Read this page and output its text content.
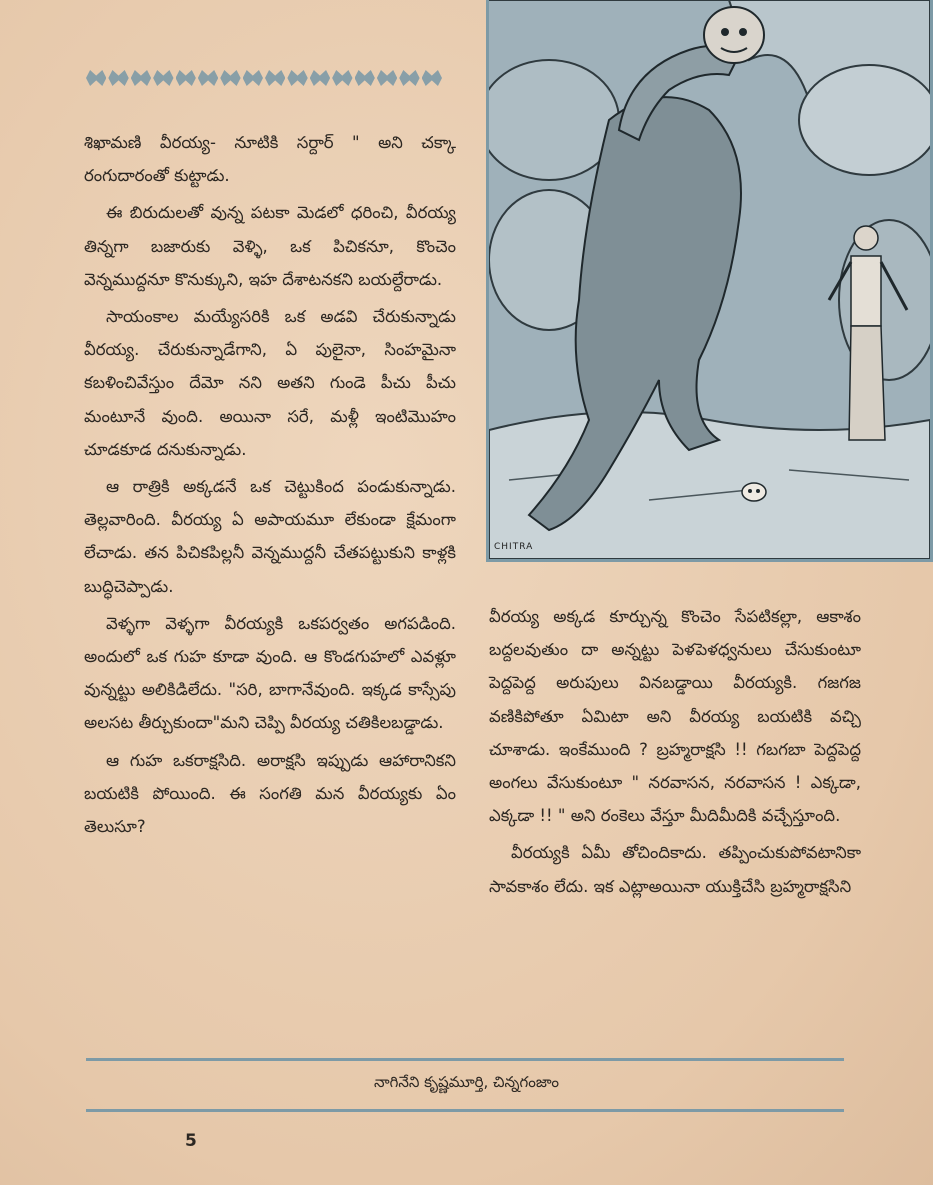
శిఖామణి వీరయ్య- నూటికి సర్దార్ " అని చక్కా రంగుదారంతో కుట్టాడు.

ఈ బిరుదులతో వున్న పటకా మెడలో ధరించి, వీరయ్య తిన్నగా బజారుకు వెళ్ళి, ఒక పిచికనూ, కొంచెం వెన్నముద్దనూ కొనుక్కుని, ఇహ దేశాటనకని బయల్దేరాడు.

సాయంకాల మయ్యేసరికి ఒక అడవి చేరుకున్నాడు వీరయ్య. చేరుకున్నాడేగాని, ఏ పులైనా, సింహమైనా కబళించివేస్తుం దేమో నని అతని గుండె పీచు పీచు మంటూనే వుంది. అయినా సరే, మళ్లీ ఇంటిమొహం చూడకూడ దనుకున్నాడు.

ఆ రాత్రికి అక్కడనే ఒక చెట్టుకింద పండుకున్నాడు. తెల్లవారింది. వీరయ్య ఏ అపాయమూ లేకుండా క్షేమంగా లేచాడు. తన పిచికపిల్లనీ వెన్నముద్దనీ చేతపట్టుకుని కాళ్లకి బుద్ధిచెప్పాడు.

వెళ్ళగా వెళ్ళగా వీరయ్యకి ఒకపర్వతం అగపడింది. అందులో ఒక గుహ కూడా వుంది. ఆ కొండగుహలో ఎవళ్లూ వున్నట్టు అలికిడిలేదు. "సరి, బాగానేవుంది. ఇక్కడ కాస్సేపు అలసట తీర్చుకుందా"మని చెప్పి వీరయ్య చతికిలబడ్డాడు.

ఆ గుహ ఒకరాక్షసిది. అరాక్షసి ఇప్పుడు ఆహారానికని బయటికి పోయింది. ఈ సంగతి మన వీరయ్యకు ఏం తెలుసూ?

CHITRA

వీరయ్య అక్కడ కూర్చున్న కొంచెం సేపటికల్లా, ఆకాశం బద్దలవుతుం దా అన్నట్టు పెళపెళధ్వనులు చేసుకుంటూ పెద్దపెద్ద అరుపులు వినబడ్డాయి వీరయ్యకి. గజగజ వణికిపోతూ ఏమిటా అని వీరయ్య బయటికి వచ్చి చూశాడు. ఇంకేముంది ? బ్రహ్మరాక్షసి !! గబగబా పెద్దపెద్ద అంగలు వేసుకుంటూ " నరవాసన, నరవాసన ! ఎక్కడా, ఎక్కడా !! " అని రంకెలు వేస్తూ మీదిమీదికి వచ్చేస్తూంది.

వీరయ్యకి ఏమీ తోచిందికాదు. తప్పించుకుపోవటానికా సావకాశం లేదు. ఇక ఎట్లాఅయినా యుక్తిచేసి బ్రహ్మరాక్షసిని

నాగినేని కృష్ణమూర్తి, చిన్నగంజాం
5
